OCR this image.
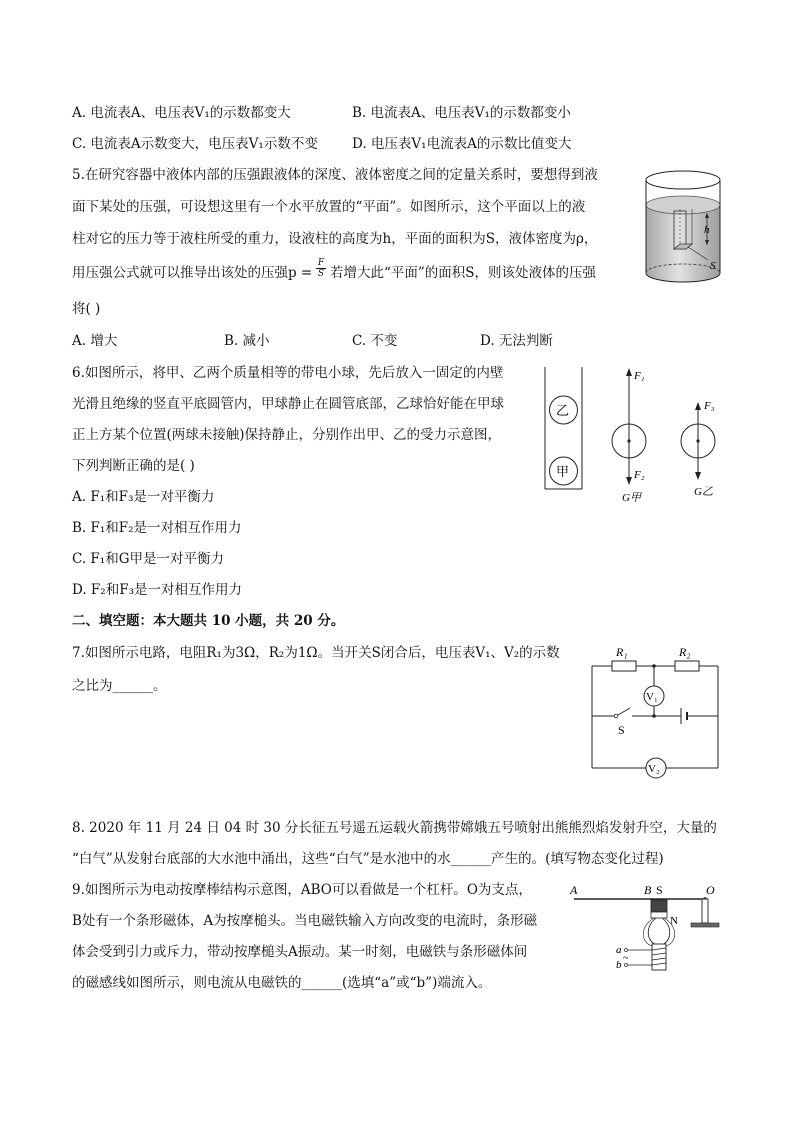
A. 电流表A、电压表V₁的示数都变大	B. 电流表A、电压表V₁的示数都变小
C. 电流表A示数变大，电压表V₁示数不变	D. 电压表V₁电流表A的示数比值变大
5.在研究容器中液体内部的压强跟液体的深度、液体密度之间的定量关系时，要想得到液
面下某处的压强，可设想这里有一个水平放置的“平面”。如图所示，这个平面以上的液
柱对它的压力等于液柱所受的重力，设液柱的高度为h，平面的面积为S，液体密度为ρ，
用压强公式就可以推导出该处的压强$p = \frac{F}{S}$ 若增大此“平面”的面积S，则该处液体的压强
将( )
A. 增大	B. 减小	C. 不变	D. 无法判断
h
S
6.如图所示，将甲、乙两个质量相等的带电小球，先后放入一固定的内壁
光滑且绝缘的竖直平底圆管内，甲球静止在圆管底部，乙球恰好能在甲球
正上方某个位置(两球未接触)保持静止，分别作出甲、乙的受力示意图，
下列判断正确的是( )
A. F₁和F₃是一对平衡力
B. F₁和F₂是一对相互作用力
C. F₁和G甲是一对平衡力
D. F₂和F₃是一对相互作用力
乙
甲
F₁
F₂
G甲
F₃
G乙
二、填空题：本大题共 10 小题，共 20 分。
7.如图所示电路，电阻R₁为3Ω，R₂为1Ω。当开关S闭合后，电压表V₁、V₂的示数
之比为______。
R₁	R₂
V₁
S
V₂
8. 2020 年 11 月 24 日 04 时 30 分长征五号遥五运载火箭携带嫦娥五号喷射出熊熊烈焰发射升空，大量的
“白气”从发射台底部的大水池中涌出，这些“白气”是水池中的水______产生的。(填写物态变化过程)
9.如图所示为电动按摩棒结构示意图，ABO可以看做是一个杠杆。O为支点，
B处有一个条形磁体，A为按摩槌头。当电磁铁输入方向改变的电流时，条形磁
体会受到引力或斥力，带动按摩槌头A振动。某一时刻，电磁铁与条形磁体间
的磁感线如图所示，则电流从电磁铁的______(选填“a”或“b”)端流入。
A	B S	O
N
a
b
~
